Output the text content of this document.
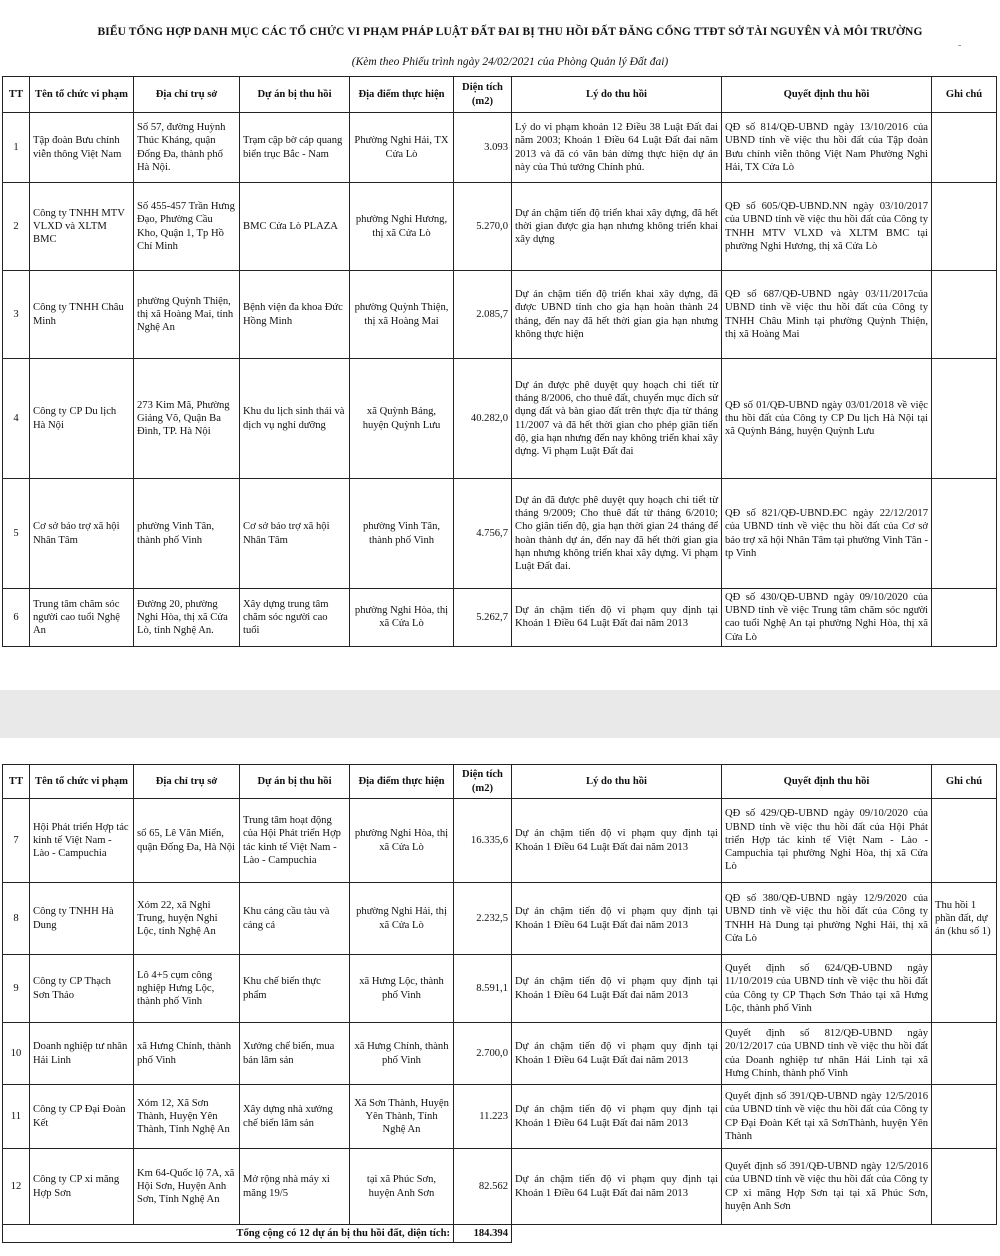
BIỂU TỔNG HỢP DANH MỤC CÁC TỔ CHỨC VI PHẠM PHÁP LUẬT ĐẤT ĐAI BỊ THU HỒI ĐẤT ĐĂNG CỔNG TTĐT SỞ TÀI NGUYÊN VÀ MÔI TRƯỜNG
(Kèm theo Phiếu trình ngày 24/02/2021 của Phòng Quản lý Đất đai)
-
TT	Tên tổ chức vi phạm	Địa chỉ trụ sở	Dự án bị thu hồi	Địa điểm thực hiện	Diện tích (m2)	Lý do thu hồi	Quyết định thu hồi	Ghi chú
1	Tập đoàn Bưu chính viễn thông Việt Nam	Số 57, đường Huỳnh Thúc Kháng, quận Đống Đa, thành phố Hà Nội.	Trạm cập bờ cáp quang biển trục Bắc - Nam	Phường Nghi Hải, TX Cửa Lò	3.093	Lý do vi phạm khoản 12 Điều 38 Luật Đất đai năm 2003; Khoản 1 Điều 64 Luật Đất đai năm 2013 và đã có văn bản dừng thực hiện dự án này của Thủ tướng Chính phủ.	QĐ số 814/QĐ-UBND ngày 13/10/2016 của UBND tỉnh về việc thu hồi đất của Tập đoàn Bưu chính viễn thông Việt Nam Phường Nghi Hải, TX Cửa Lò	
2	Công ty TNHH MTV VLXD và XLTM BMC	Số 455-457 Trần Hưng Đạo, Phường Cầu Kho, Quận 1, Tp Hồ Chí Minh	BMC Cửa Lò PLAZA	phường Nghi Hương, thị xã Cửa Lò	5.270,0	Dự án chậm tiến độ triển khai xây dựng, đã hết thời gian được gia hạn nhưng không triển khai xây dựng	QĐ số 605/QĐ-UBND.NN ngày 03/10/2017 của UBND tỉnh về việc thu hồi đất của Công ty TNHH MTV VLXD và XLTM BMC tại phường Nghi Hương, thị xã Cửa Lò	
3	Công ty TNHH Châu Minh	phường Quỳnh Thiện, thị xã Hoàng Mai, tỉnh Nghệ An	Bệnh viện đa khoa Đức Hồng Minh	phường Quỳnh Thiện, thị xã Hoàng Mai	2.085,7	Dự án chậm tiến độ triển khai xây dựng, đã được UBND tỉnh cho gia hạn hoàn thành 24 tháng, đến nay đã hết thời gian gia hạn nhưng không thực hiện	QĐ số 687/QĐ-UBND ngày 03/11/2017của UBND tỉnh về việc thu hồi đất của Công ty TNHH Châu Minh tại phường Quỳnh Thiện, thị xã Hoàng Mai	
4	Công ty CP Du lịch Hà Nội	273 Kim Mã, Phường Giảng Võ, Quận Ba Đình, TP. Hà Nội	Khu du lịch sinh thái và dịch vụ nghỉ dưỡng	xã Quỳnh Bảng, huyện Quỳnh Lưu	40.282,0	Dự án được phê duyệt quy hoạch chi tiết từ tháng 8/2006, cho thuê đất, chuyển mục đích sử dụng đất và bàn giao đất trên thực địa từ tháng 11/2007 và đã hết thời gian cho phép giãn tiến độ, gia hạn nhưng đến nay không triển khai xây dựng. Vi phạm Luật Đất đai	QĐ số 01/QĐ-UBND ngày 03/01/2018 về việc thu hồi đất của Công ty CP Du lịch Hà Nội tại xã Quỳnh Bảng, huyện Quỳnh Lưu	
5	Cơ sở bảo trợ xã hội Nhân Tâm	phường Vinh Tân, thành phố Vinh	Cơ sở bảo trợ xã hội Nhân Tâm	phường Vinh Tân, thành phố Vinh	4.756,7	Dự án đã được phê duyệt quy hoạch chi tiết từ tháng 9/2009; Cho thuê đất từ tháng 6/2010; Cho giãn tiến độ, gia hạn thời gian 24 tháng để hoàn thành dự án, đến nay đã hết thời gian gia hạn nhưng không triển khai xây dựng. Vi phạm Luật Đất đai.	QĐ số 821/QĐ-UBND.ĐC ngày 22/12/2017 của UBND tỉnh về việc thu hồi đất của Cơ sở bảo trợ xã hội Nhân Tâm tại phường Vinh Tân - tp Vinh	
6	Trung tâm chăm sóc người cao tuổi Nghệ An	Đường 20, phường Nghi Hòa, thị xã Cửa Lò, tỉnh Nghệ An.	Xây dựng trung tâm chăm sóc người cao tuổi	phường Nghi Hòa, thị xã Cửa Lò	5.262,7	Dự án chậm tiến độ vi phạm quy định tại Khoản 1 Điều 64 Luật Đất đai năm 2013	QĐ số 430/QĐ-UBND ngày 09/10/2020 của UBND tỉnh về việc Trung tâm chăm sóc người cao tuổi Nghệ An tại phường Nghi Hòa, thị xã Cửa Lò	
TT	Tên tổ chức vi phạm	Địa chỉ trụ sở	Dự án bị thu hồi	Địa điểm thực hiện	Diện tích (m2)	Lý do thu hồi	Quyết định thu hồi	Ghi chú
7	Hội Phát triển Hợp tác kinh tế Việt Nam - Lào - Campuchia	số 65, Lê Văn Miến, quận Đống Đa, Hà Nội	Trung tâm hoạt động của Hội Phát triển Hợp tác kinh tế Việt Nam - Lào - Campuchia	phường Nghi Hòa, thị xã Cửa Lò	16.335,6	Dự án chậm tiến độ vi phạm quy định tại Khoản 1 Điều 64 Luật Đất đai năm 2013	QĐ số 429/QĐ-UBND ngày 09/10/2020 của UBND tỉnh về việc thu hồi đất của Hội Phát triển Hợp tác kinh tế Việt Nam - Lào - Campuchia tại phường Nghi Hòa, thị xã Cửa Lò	
8	Công ty TNHH Hà Dung	Xóm 22, xã Nghi Trung, huyện Nghi Lộc, tỉnh Nghệ An	Khu cảng cầu tàu và cảng cá	phường Nghi Hải, thị xã Cửa Lò	2.232,5	Dự án chậm tiến độ vi phạm quy định tại Khoản 1 Điều 64 Luật Đất đai năm 2013	QĐ số 380/QĐ-UBND ngày 12/9/2020 của UBND tỉnh về việc thu hồi đất của Công ty TNHH Hà Dung tại phường Nghi Hải, thị xã Cửa Lò	Thu hồi 1 phần đất, dự án (khu số 1)
9	Công ty CP Thạch Sơn Thảo	Lô 4+5 cụm công nghiệp Hưng Lộc, thành phố Vinh	Khu chế biến thực phẩm	xã Hưng Lộc, thành phố Vinh	8.591,1	Dự án chậm tiến độ vi phạm quy định tại Khoản 1 Điều 64 Luật Đất đai năm 2013	Quyết định số 624/QĐ-UBND ngày 11/10/2019 của UBND tỉnh về việc thu hồi đất của Công ty CP Thạch Sơn Thảo tại xã Hưng Lộc, thành phố Vinh	
10	Doanh nghiệp tư nhân Hải Linh	xã Hưng Chính, thành phố Vinh	Xưởng chế biến, mua bán lâm sản	xã Hưng Chính, thành phố Vinh	2.700,0	Dự án chậm tiến độ vi phạm quy định tại Khoản 1 Điều 64 Luật Đất đai năm 2013	Quyết định số 812/QĐ-UBND ngày 20/12/2017 của UBND tỉnh về việc thu hồi đất của Doanh nghiệp tư nhân Hải Linh tại xã Hưng Chính, thành phố Vinh	
11	Công ty CP Đại Đoàn Kết	Xóm 12, Xã Sơn Thành, Huyện Yên Thành, Tỉnh Nghệ An	Xây dựng nhà xưởng chế biến lâm sản	Xã Sơn Thành, Huyện Yên Thành, Tỉnh Nghệ An	11.223	Dự án chậm tiến độ vi phạm quy định tại Khoản 1 Điều 64 Luật Đất đai năm 2013	Quyết định số 391/QĐ-UBND ngày 12/5/2016 của UBND tỉnh về việc thu hồi đất của Công ty CP Đại Đoàn Kết tại xã SơnThành, huyện Yên Thành	
12	Công ty CP xi măng Hợp Sơn	Km 64-Quốc lộ 7A, xã Hội Sơn, Huyện Anh Sơn, Tỉnh Nghệ An	Mở rộng nhà máy xi măng 19/5	tại xã Phúc Sơn, huyện Anh Sơn	82.562	Dự án chậm tiến độ vi phạm quy định tại Khoản 1 Điều 64 Luật Đất đai năm 2013	Quyết định số 391/QĐ-UBND ngày 12/5/2016 của UBND tỉnh về việc thu hồi đất của Công ty CP xi măng Hợp Sơn tại tại xã Phúc Sơn, huyện Anh Sơn	
Tổng cộng có 12 dự án bị thu hồi đất, diện tích:					184.394			
